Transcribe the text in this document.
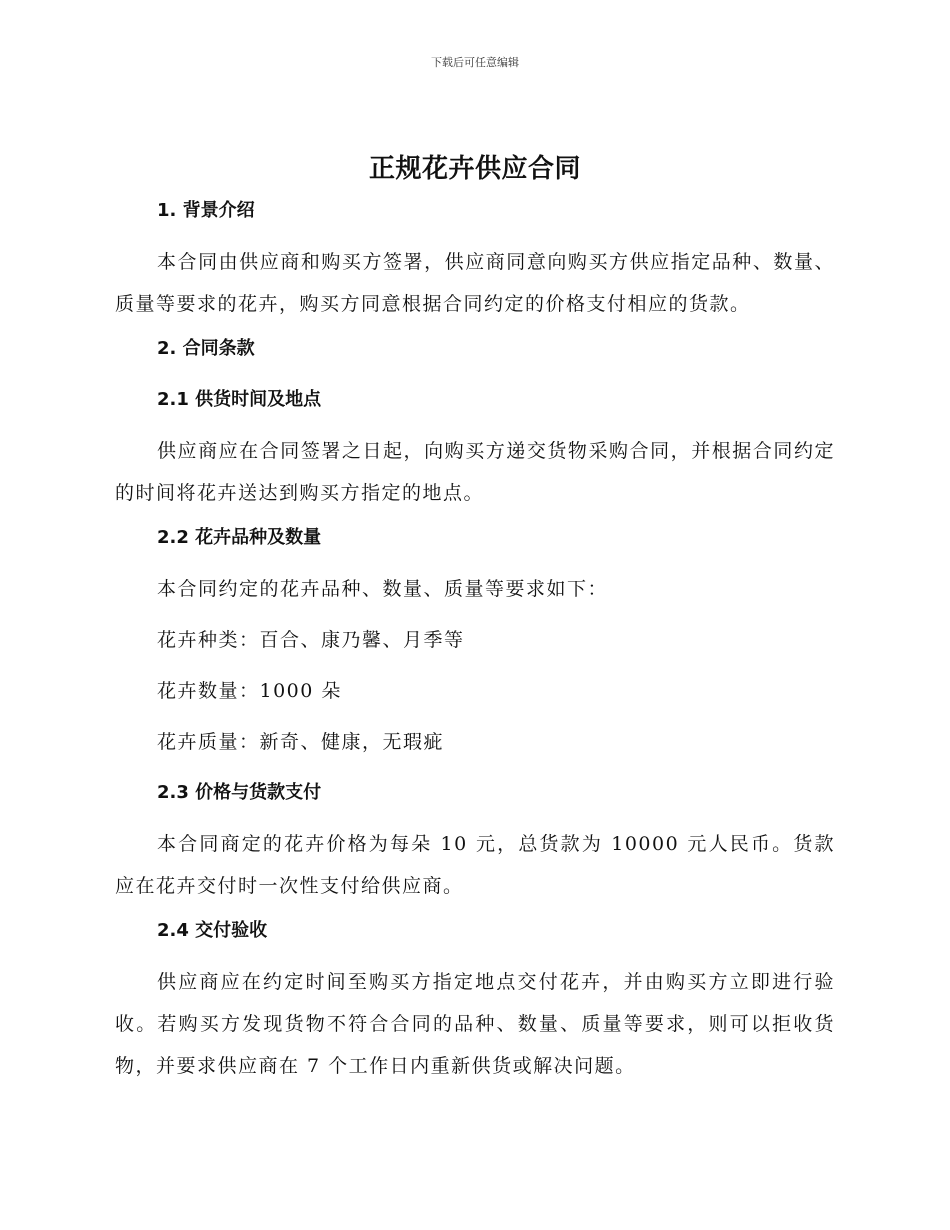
下载后可任意编辑
正规花卉供应合同
1. 背景介绍

本合同由供应商和购买方签署，供应商同意向购买方供应指定品种、数量、质量等要求的花卉，购买方同意根据合同约定的价格支付相应的货款。

2. 合同条款
2.1 供货时间及地点

供应商应在合同签署之日起，向购买方递交货物采购合同，并根据合同约定的时间将花卉送达到购买方指定的地点。

2.2 花卉品种及数量
本合同约定的花卉品种、数量、质量等要求如下：
花卉种类：百合、康乃馨、月季等
花卉数量：1000 朵
花卉质量：新奇、健康，无瑕疵
2.3 价格与货款支付

本合同商定的花卉价格为每朵 10 元，总货款为 10000 元人民币。货款应在花卉交付时一次性支付给供应商。

2.4 交付验收

供应商应在约定时间至购买方指定地点交付花卉，并由购买方立即进行验收。若购买方发现货物不符合合同的品种、数量、质量等要求，则可以拒收货物，并要求供应商在 7 个工作日内重新供货或解决问题。
